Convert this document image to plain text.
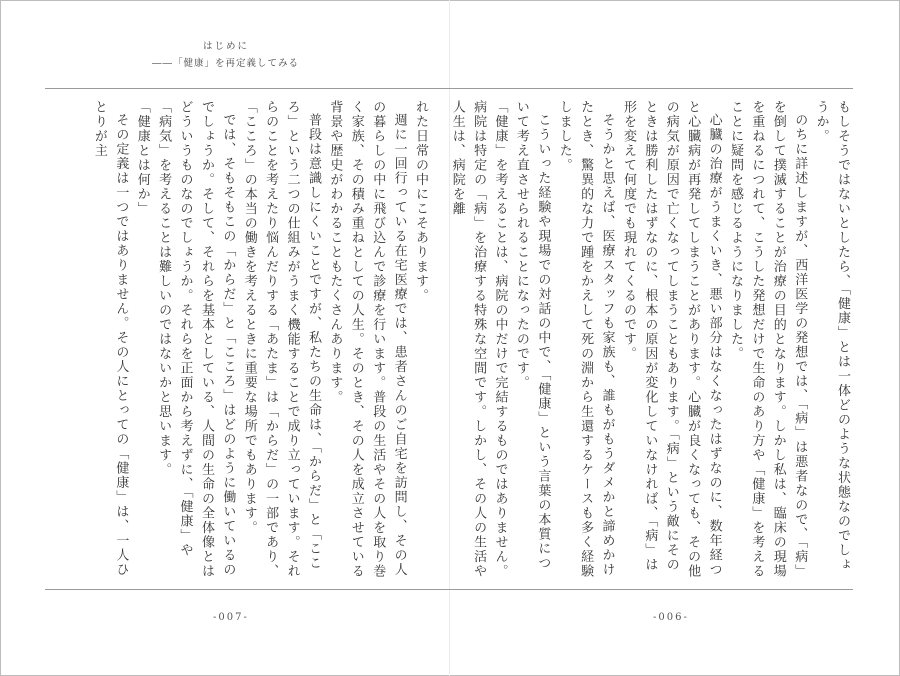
はじめに
――「健康」を再定義してみる

もしそうではないとしたら、「健康」とは一体どのような状態なのでしょうか。

のちに詳述しますが、西洋医学の発想では、「病」は悪者なので、「病」を倒して撲滅することが治療の目的となります。しかし私は、臨床の現場を重ねるにつれて、こうした発想だけで生命のあり方や「健康」を考えることに疑問を感じるようになりました。

心臓の治療がうまくいき、悪い部分はなくなったはずなのに、数年経つと心臓病が再発してしまうことがあります。心臓が良くなっても、その他の病気が原因で亡くなってしまうこともあります。「病」という敵にそのときは勝利したはずなのに、根本の原因が変化していなければ、「病」は形を変えて何度でも現れてくるのです。

そうかと思えば、医療スタッフも家族も、誰もがもうダメかと諦めかけたとき、驚異的な力で踵をかえして死の淵から生還するケースも多く経験しました。

こういった経験や現場での対話の中で、「健康」という言葉の本質について考え直させられることになったのです。

「健康」を考えることは、病院の中だけで完結するものではありません。病院は特定の「病」を治療する特殊な空間です。しかし、その人の生活や人生は、病院を離

れた日常の中にこそあります。

週に一回行っている在宅医療では、患者さんのご自宅を訪問し、その人の暮らしの中に飛び込んで診療を行います。普段の生活やその人を取り巻く家族、その積み重ねとしての人生。そのとき、その人を成立させている背景や歴史がわかることもたくさんあります。

普段は意識しにくいことですが、私たちの生命は、「からだ」と「こころ」という二つの仕組みがうまく機能することで成り立っています。それらのことを考えたり悩んだりする「あたま」は「からだ」の一部であり、「こころ」の本当の働きを考えるときに重要な場所でもあります。

では、そもそもこの「からだ」と「こころ」はどのように働いているのでしょうか。そして、それらを基本としている、人間の生命の全体像とはどういうものなのでしょうか。それらを正面から考えずに、「健康」や「病気」を考えることは難しいのではないかと思います。

「健康とは何か」

その定義は一つではありません。その人にとっての「健康」は、一人ひとりが主

-007-	-006-
